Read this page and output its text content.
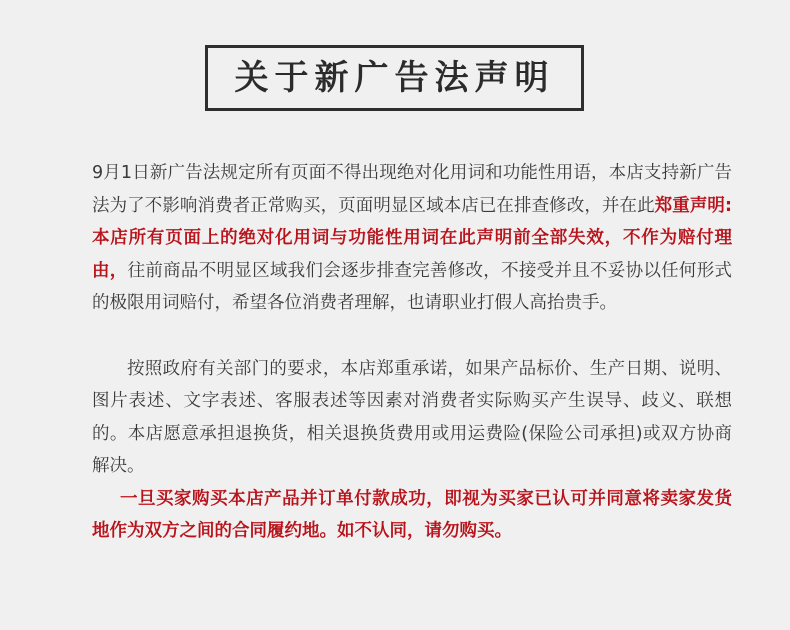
关于新广告法声明

9月1日新广告法规定所有页面不得出现绝对化用词和功能性用语，本店支持新广告法为了不影响消费者正常购买，页面明显区域本店已在排查修改，并在此郑重声明:本店所有页面上的绝对化用词与功能性用词在此声明前全部失效，不作为赔付理由，往前商品不明显区域我们会逐步排查完善修改，不接受并且不妥协以任何形式的极限用词赔付，希望各位消费者理解，也请职业打假人高抬贵手。

按照政府有关部门的要求，本店郑重承诺，如果产品标价、生产日期、说明、图片表述、文字表述、客服表述等因素对消费者实际购买产生误导、歧义、联想的。本店愿意承担退换货，相关退换货费用或用运费险(保险公司承担)或双方协商解决。

一旦买家购买本店产品并订单付款成功，即视为买家已认可并同意将卖家发货地作为双方之间的合同履约地。如不认同，请勿购买。
